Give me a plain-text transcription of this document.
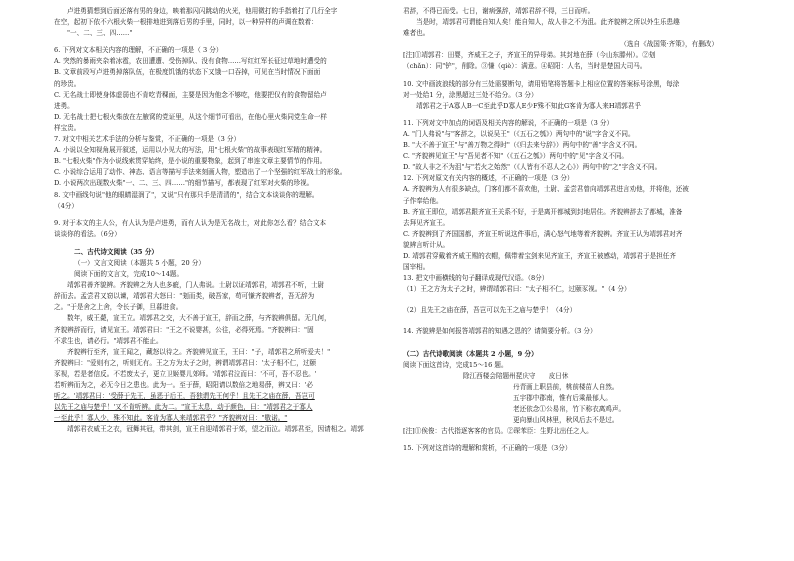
卢进勇猜想到后面还落有男的身边，映着那闪闪跳动的火光，他用微打的手指着打了几行全字

在空，起初下依不六根火柴一根排地进到落后男的手里，同时，以一种异样的声调在数着：

"一、二、三、四……"

6. 下列对文本相关内容的理解，不正确的一项是（ 3 分）

A. 突然的暴雨夹杂着冰雹，农田遭遭、受伤掉队、没有食物……写红红军长征过草地时遭受的

B. 文章前段写卢进勇掉落队伍，在极度饥饿的状态下又饿一口吞掉，可见在当时情况下面面

的珍贵。

C. 无名战士即使身体虚弱也不肯吃青稞面，主要是因为他念不够吃，他要把仅有的食物留给卢

进勇。

D. 无名战士把七根火柴放在左腋窝的党证里，从这个细节可看出，在他心里火柴同党生命一样

样宝贵。

7. 对文中相关艺术手法的分析与鉴赏，不正确的一项是（3 分）

A. 小说以全知视角展开叙述，运用以小见大的写法，用"七根火柴"的故事表现红军精的精神。

B. "七根火柴"作为小说线索贯穿始终，是小说的重要物象，起到了串连文章主要情节的作用。

C. 小说综合运用了动作、神态、语言等描写手法来刻画人物，塑造出了一个坚强的红军战士的形象。

D. 小说两次出现数火柴"一、二、三、四……"的细节描写，都表现了红军对火柴的珍视。

8. 文中画线句说"他的眼睛湿润了"，又说"只有那只手是清清的"，结合文本谈谈你的理解。

（4分）

9. 对于本文的主人公，有人认为是卢进勇，而有人认为是无名战士，对此你怎么看？结合文本

谈谈你的看法。（6分）

二、古代诗文阅读（35 分）

（一）文言文阅读（本题共 5 小题，20 分）

阅读下面的文言文，完成10～14题。

靖郭君善齐貌辨。齐貌辨之为人也多疵，门人弗说。士尉以证靖郭君，靖郭君不听，士尉

辞而去。孟尝君又窃以谏，靖郭君大怒曰："刬而类，破吾家，苟可慊齐貌辨者，吾无辞为

之。"于是舍之上舍，令长子御，旦暮进食。

数年，威王薨，宣王立。靖郭君之交，大不善于宣王，辞而之薛，与齐貌辨俱留。无几何，

齐貌辨辞而行，请见宣王。靖郭君曰："王之不说婴甚，公往，必得死焉。"齐貌辨曰："固

不求生也，请必行。"靖郭君不能止。

齐貌辨行至齐，宣王闻之，藏怒以待之。齐貌辨见宣王，王曰："子，靖郭君之所听爱夫！"

齐貌辨曰："爱则有之，听则无有。王之方为太子之时，辨谓靖郭君曰：'太子相不仁，过颐

豕视，若是者信反。不若废太子，更立卫姬婴儿郊师。'靖郭君泣而曰：'不可，吾不忍也。'

若听辨而为之，必无今日之患也。此为一。至于薛，昭阳请以数倍之地易薛，辨又曰：'必

听之。'靖郭君曰：'受薛于先王，虽恶于后王，吾独谓先王何乎！且先王之庙在薛，吾岂可

以先王之庙与楚乎！'又不肯听辨。此为二。"宣王太息，动于颜色，曰："靖郭君之于寡人

一至此乎！寡人少，殊不知此。客肯为寡人来靖郭君乎？"齐貌辨对曰："敬诺。"

靖郭君衣威王之衣，冠舞其冠，带其剑，宣王自迎靖郭君于郊，望之而泣。靖郭君至，因请相之。靖郭

君辞，不得已而受。七日，谢病强辞，靖郭君辞不得，三日而听。

当是时，靖郭君可谓能自知人矣！能自知人，故人非之不为沮。此齐貌辨之所以外生乐患趣

难者也。

（选自《战国策·齐策》，有删改）

[注]①靖郭君：田婴，齐威王之子，齐宣王的异母弟。其封地在薛（今山东滕州）。②刬

（chǎn）：同"铲"，削除。③慊（qiè）：满意。④昭阳：人名，当时是楚国大司马。

10. 文中画波浪线的部分有三处需要断句，请用铅笔将答题卡上相应位置的答案标号涂黑，每涂

对一处给1 分，涂黑超过三处不给分。（3 分）

靖郭君之于A寡人B一C至此乎D寡人E少F殊不知此G客肯为寡人来H靖郭君乎

11. 下列对文中加点的词语及相关内容的解说，不正确的一项是（3 分）

A. "门人弗说"与"客辞之，以说吴王"（《五石之瓠》）两句中的"说"字含义不同。

B. "大不善于宣王"与"善万物之得时"（《归去来兮辞》）两句中的"善"字含义不同。

C. "齐貌辨见宣王"与"吾见者不知"（《五石之瓠》）两句中的"见"字含义不同。

D. "故人非之不为沮"与"若火之始然"（《人皆有不忍人之心》）两句中的"之"字含义不同。

12. 下列对原文有关内容的概述，不正确的一项是（3 分）

A. 齐貌辨为人有很多缺点，门客们都不喜欢他，士尉、孟尝君曾向靖郭君进言劝他，并将他，还被

子作奉给他。

B. 齐宣王即位，靖郭君跟齐宣王关系不好，于是离开都城到封地居住。齐貌辨辞去了都城，准备

去拜见齐宣王。

C. 齐貌辨到了齐国国都，齐宣王听说这件事后，满心怒气地等着齐貌辨。齐宣王认为靖郭君对齐

貌辨言听计从。

D. 靖郭君穿戴着齐威王赐的衣帽，佩带着宝剑来见齐宣王，齐宣王被感动，靖郭君于是担任齐

国宰相。

13. 把文中画横线的句子翻译成现代汉语。（8分）

（1）王之方为太子之时，辨谓靖郭君曰："太子相不仁，过颐豕视。"（4 分）

（2）且先王之庙在薛，吾岂可以先王之庙与楚乎！（4分）

14. 齐貌辨是如何报答靖郭君的知遇之恩的？请简要分析。（3 分）

（二）古代诗歌阅读（本题共 2 小题，9 分）

阅读下面这首诗，完成15～16 题。

除江西楼会陪题州琵庆守　　皮日休

丹青画上职县前，桃前楼苗人自然。

五宇郡中郡南，惟有后乘最郁人。

老还依念①公易帛，竹下称衣离鸡声。

更向暴山风林里，秋风后去不是过。

[注]①俟俊：古代指逐客客的官员。②琛苯臣：生野北出任之人。

15. 下列对这首诗的理解和赏析，不正确的一项是（3分）
